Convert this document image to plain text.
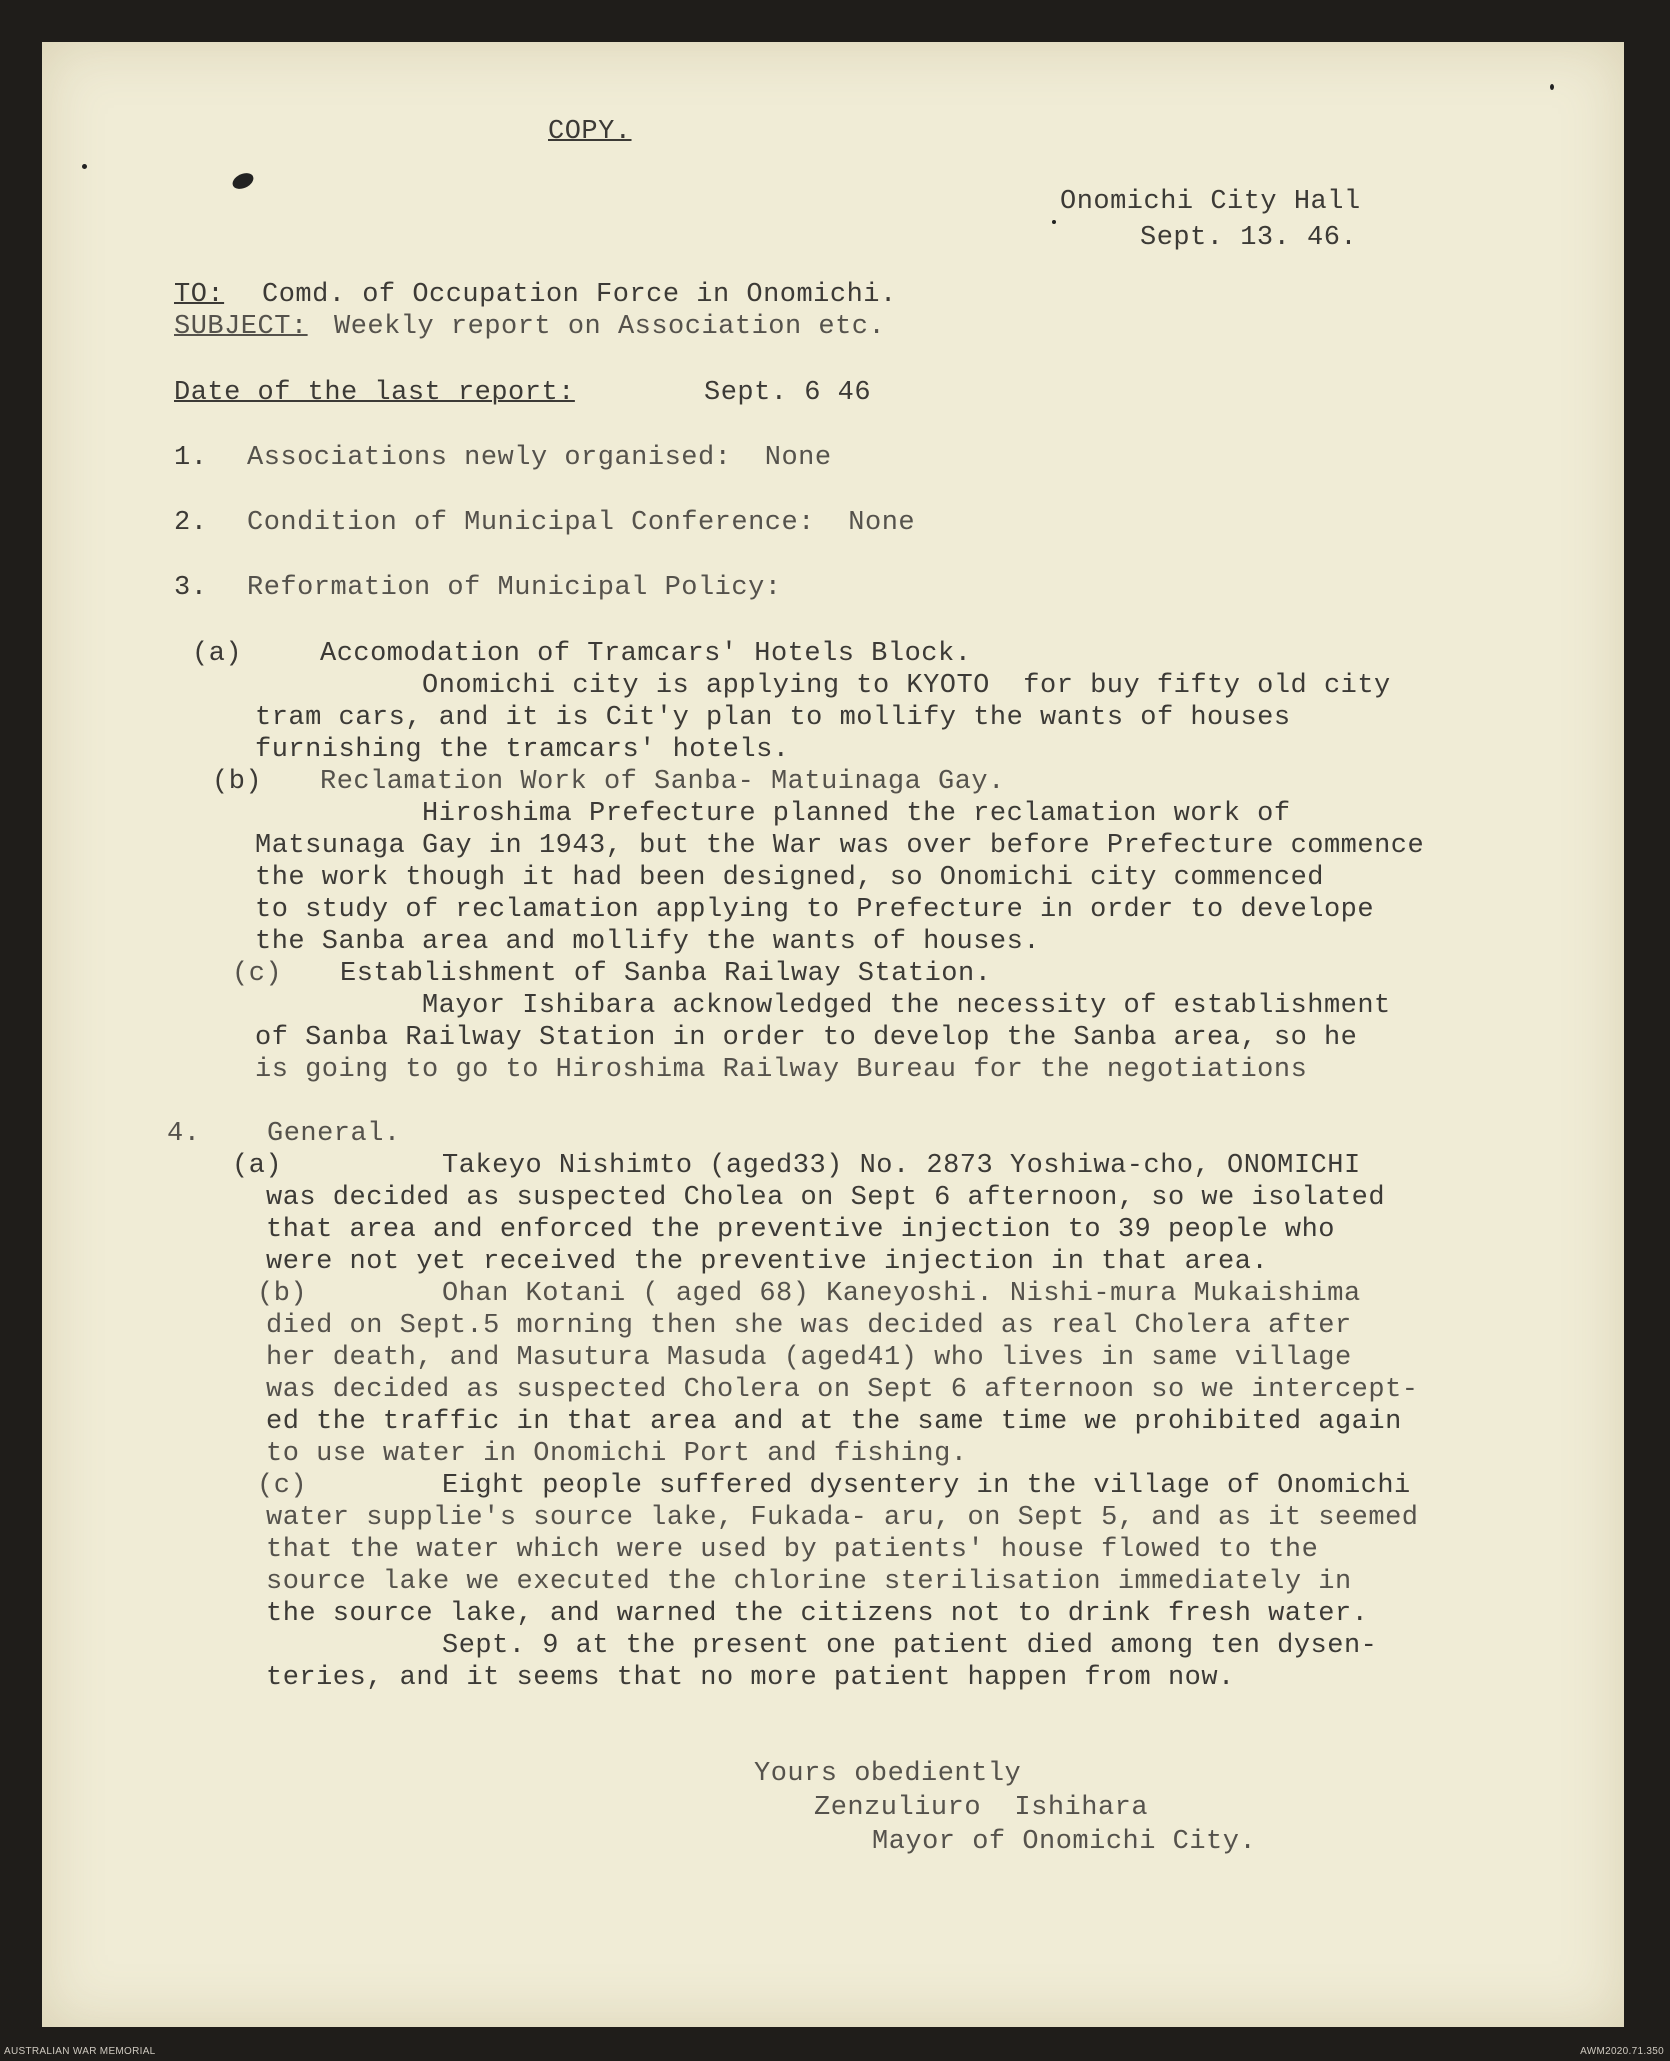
COPY.
Onomichi City Hall
Sept. 13. 46.
TO: Comd. of Occupation Force in Onomichi.
SUBJECT: Weekly report on Association etc.
Date of the last report:	Sept. 6 46
1. Associations newly organised:  None
2. Condition of Municipal Conference:  None
3. Reformation of Municipal Policy:
(a)	Accomodation of Tramcars' Hotels Block.
Onomichi city is applying to KYOTO  for buy fifty old city
tram cars, and it is Cit'y plan to mollify the wants of houses
furnishing the tramcars' hotels.
(b) Reclamation Work of Sanba- Matuinaga Gay.
Hiroshima Prefecture planned the reclamation work of
Matsunaga Gay in 1943, but the War was over before Prefecture commence
the work though it had been designed, so Onomichi city commenced
to study of reclamation applying to Prefecture in order to develope
the Sanba area and mollify the wants of houses.
(c) Establishment of Sanba Railway Station.
Mayor Ishibara acknowledged the necessity of establishment
of Sanba Railway Station in order to develop the Sanba area, so he
is going to go to Hiroshima Railway Bureau for the negotiations
4. General.
(a)	Takeyo Nishimto (aged33) No. 2873 Yoshiwa-cho, ONOMICHI
was decided as suspected Cholea on Sept 6 afternoon, so we isolated
that area and enforced the preventive injection to 39 people who
were not yet received the preventive injection in that area.
(b)	Ohan Kotani ( aged 68) Kaneyoshi. Nishi-mura Mukaishima
died on Sept.5 morning then she was decided as real Cholera after
her death, and Masutura Masuda (aged41) who lives in same village
was decided as suspected Cholera on Sept 6 afternoon so we intercept-
ed the traffic in that area and at the same time we prohibited again
to use water in Onomichi Port and fishing.
(c)	Eight people suffered dysentery in the village of Onomichi
water supplie's source lake, Fukada- aru, on Sept 5, and as it seemed
that the water which were used by patients' house flowed to the
source lake we executed the chlorine sterilisation immediately in
the source lake, and warned the citizens not to drink fresh water.
Sept. 9 at the present one patient died among ten dysen-
teries, and it seems that no more patient happen from now.
Yours obediently
Zenzuliuro  Ishihara
Mayor of Onomichi City.
AUSTRALIAN WAR MEMORIAL	AWM2020.71.350
